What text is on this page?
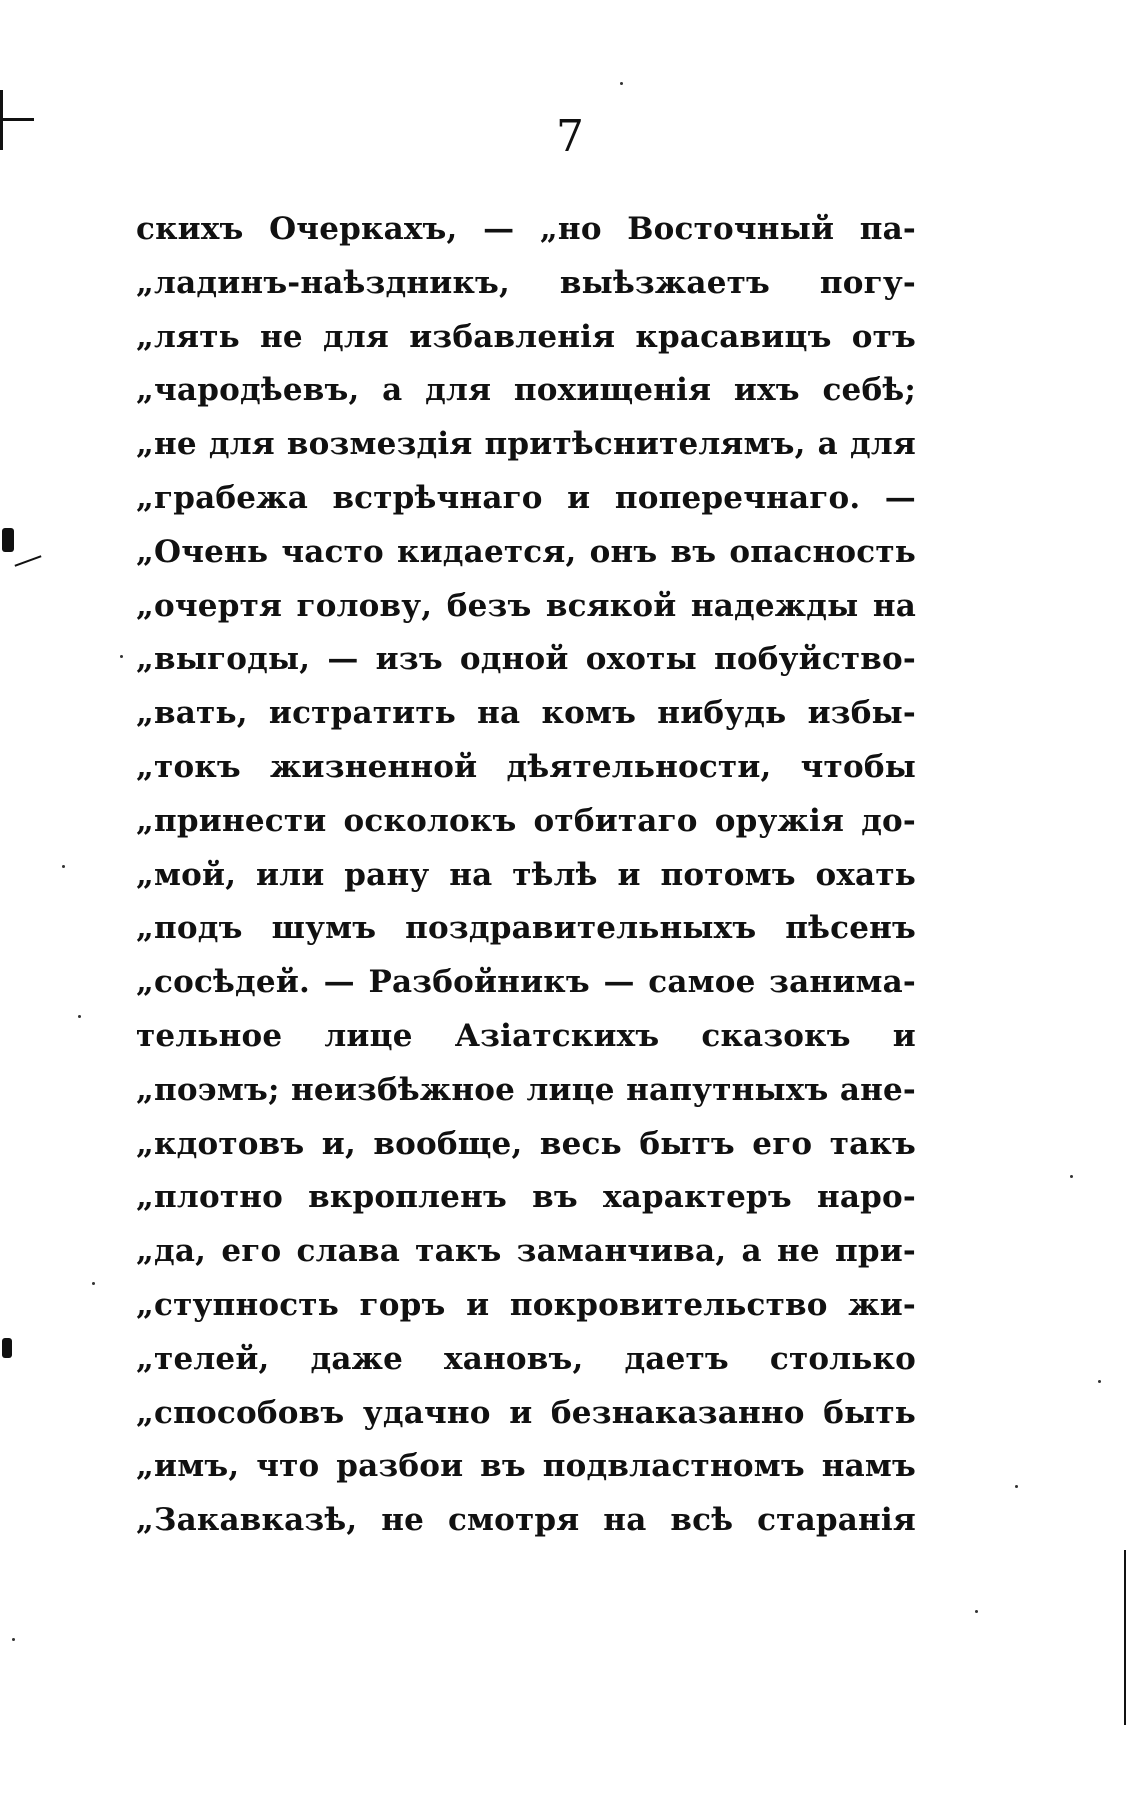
7
скихъ Очеркахъ, — „но Восточный па-
„ладинъ-наѣздникъ, выѣзжаетъ погу-
„лять не для избавленія красавицъ отъ
„чародѣевъ, а для похищенія ихъ себѣ;
„не для возмездія притѣснителямъ, а для
„грабежа встрѣчнаго и поперечнаго. —
„Очень часто кидается, онъ въ опасность
„очертя голову, безъ всякой надежды на
„выгоды, — изъ одной охоты побуйство-
„вать, истратить на комъ нибудь избы-
„токъ жизненной дѣятельности, чтобы
„принести осколокъ отбитаго оружія до-
„мой, или рану на тѣлѣ и потомъ охать
„подъ шумъ поздравительныхъ пѣсенъ
„сосѣдей. — Разбойникъ — самое занима-
тельное лице Азіатскихъ сказокъ и
„поэмъ; неизбѣжное лице напутныхъ анe-
„кдотовъ и, вообще, весь бытъ его такъ
„плотно вкропленъ въ характеръ наро-
„да, его слава такъ заманчива, а не при-
„ступность горъ и покровительство жи-
„телей, даже хановъ, даетъ столько
„способовъ удачно и безнаказанно быть
„имъ, что разбои въ подвластномъ намъ
„Закавказѣ, не смотря на всѣ старанія
